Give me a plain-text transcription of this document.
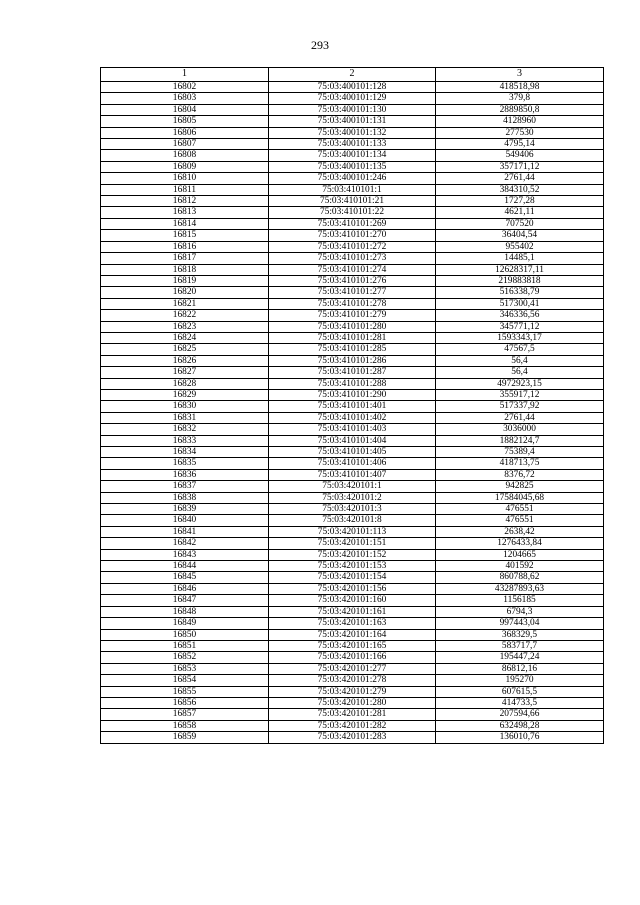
293
1	2	3
16802	75:03:400101:128	418518,98
16803	75:03:400101:129	379,8
16804	75:03:400101:130	2889850,8
16805	75:03:400101:131	4128960
16806	75:03:400101:132	277530
16807	75:03:400101:133	4795,14
16808	75:03:400101:134	549406
16809	75:03:400101:135	357171,12
16810	75:03:400101:246	2761,44
16811	75:03:410101:1	384310,52
16812	75:03:410101:21	1727,28
16813	75:03:410101:22	4621,11
16814	75:03:410101:269	707520
16815	75:03:410101:270	36404,54
16816	75:03:410101:272	955402
16817	75:03:410101:273	14485,1
16818	75:03:410101:274	12628317,11
16819	75:03:410101:276	219883818
16820	75:03:410101:277	516338,79
16821	75:03:410101:278	517300,41
16822	75:03:410101:279	346336,56
16823	75:03:410101:280	345771,12
16824	75:03:410101:281	1593343,17
16825	75:03:410101:285	47567,5
16826	75:03:410101:286	56,4
16827	75:03:410101:287	56,4
16828	75:03:410101:288	4972923,15
16829	75:03:410101:290	355917,12
16830	75:03:410101:401	517337,92
16831	75:03:410101:402	2761,44
16832	75:03:410101:403	3036000
16833	75:03:410101:404	1882124,7
16834	75:03:410101:405	75389,4
16835	75:03:410101:406	418713,75
16836	75:03:410101:407	8376,72
16837	75:03:420101:1	942825
16838	75:03:420101:2	17584045,68
16839	75:03:420101:3	476551
16840	75:03:420101:8	476551
16841	75:03:420101:113	2638,42
16842	75:03:420101:151	1276433,84
16843	75:03:420101:152	1204665
16844	75:03:420101:153	401592
16845	75:03:420101:154	860788,62
16846	75:03:420101:156	43287893,63
16847	75:03:420101:160	1156185
16848	75:03:420101:161	6794,3
16849	75:03:420101:163	997443,04
16850	75:03:420101:164	368329,5
16851	75:03:420101:165	583717,7
16852	75:03:420101:166	195447,24
16853	75:03:420101:277	86812,16
16854	75:03:420101:278	195270
16855	75:03:420101:279	607615,5
16856	75:03:420101:280	414733,5
16857	75:03:420101:281	207594,66
16858	75:03:420101:282	632498,28
16859	75:03:420101:283	136010,76
